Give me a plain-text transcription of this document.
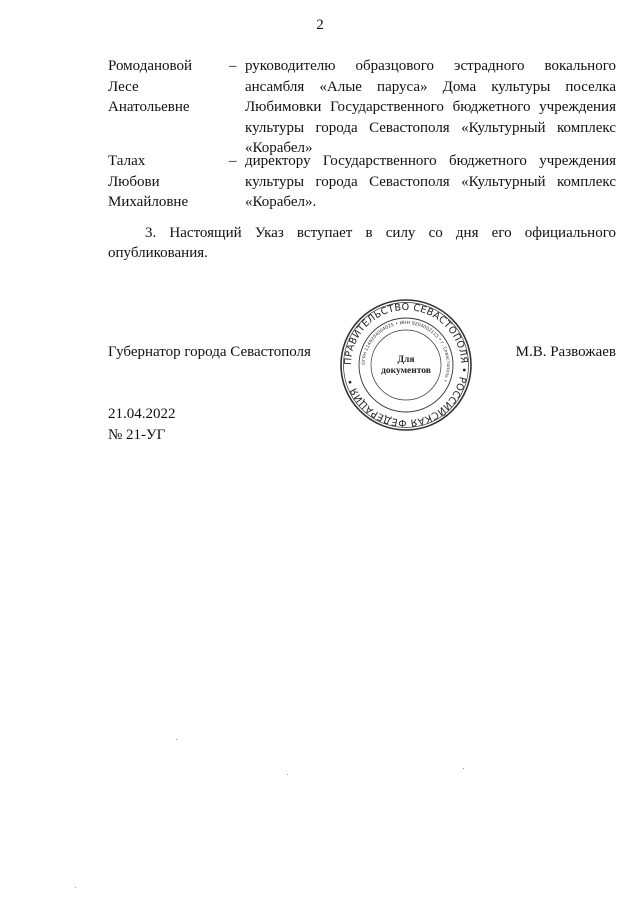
2
Ромодановой
Лесе
Анатольевне
– руководителю образцового эстрадного вокального
ансамбля «Алые паруса» Дома культуры поселка
Любимовки Государственного бюджетного учреждения
культуры города Севастополя «Культурный комплекс
«Корабел»
Талах
Любови
Михайловне
– директору Государственного бюджетного учреждения
культуры города Севастополя «Культурный комплекс
«Корабел».
3. Настоящий Указ вступает в силу со дня его официального
опубликования.
Губернатор города Севастополя
ПРАВИТЕЛЬСТВО СЕВАСТОПОЛЯ • РОССИЙСКАЯ ФЕДЕРАЦИЯ •
ОГРН 1149204004025 • ИНН 9204002115 • г. Севастополь •
Для
документов
М.В. Развожаев
21.04.2022
№ 21-УГ
